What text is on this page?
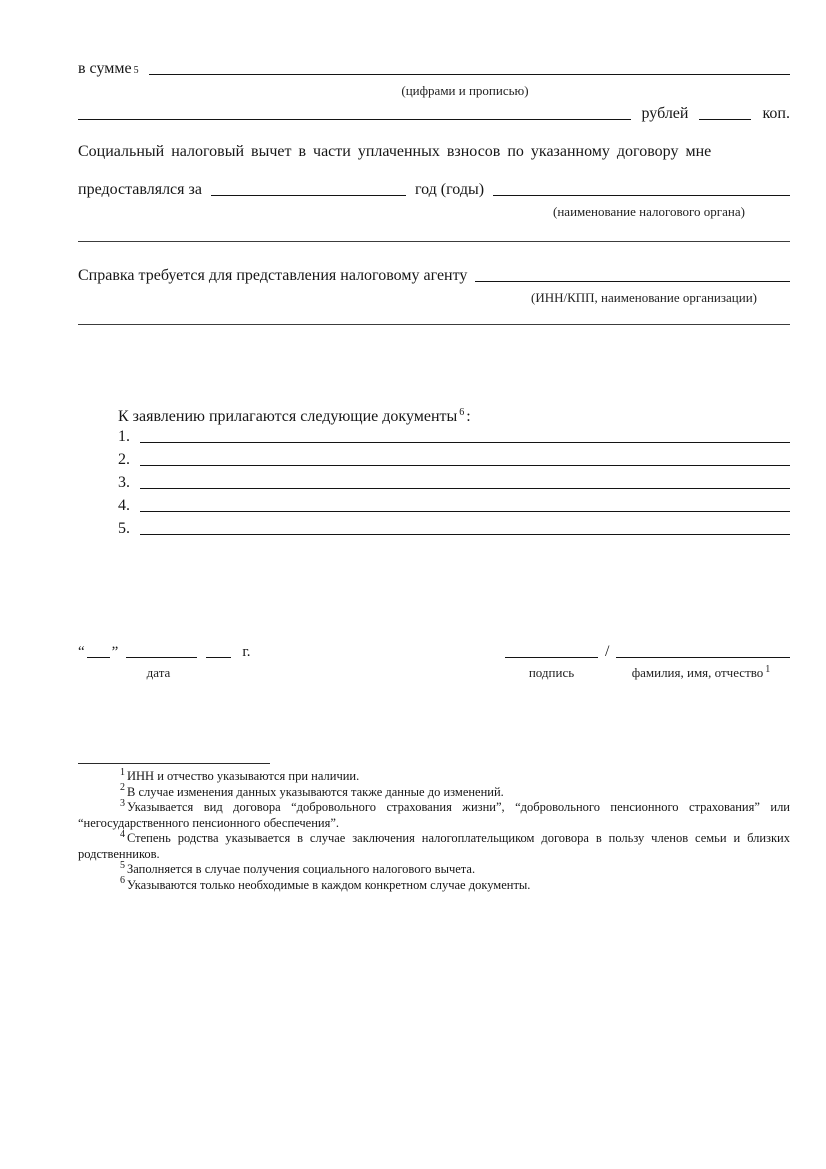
в сумме 5
(цифрами и прописью)
рублей	коп.

Социальный налоговый вычет в части уплаченных взносов по указанному договору мне

предоставлялся за	год (годы)
(наименование налогового органа)
Справка требуется для представления налоговому агенту
(ИНН/КПП, наименование организации)
К заявлению прилагаются следующие документы $^6$ :
1.
2.
3.
4.
5.
“ ”	г.
дата
/
подпись	фамилия, имя, отчество $^1$

$^1$ ИНН и отчество указываются при наличии.

$^2$ В случае изменения данных указываются также данные до изменений.

$^3$ Указывается вид договора “добровольного страхования жизни”, “добровольного пенсионного страхования” или “негосударственного пенсионного обеспечения”.

$^4$ Степень родства указывается в случае заключения налогоплательщиком договора в пользу членов семьи и близких родственников.

$^5$ Заполняется в случае получения социального налогового вычета.

$^6$ Указываются только необходимые в каждом конкретном случае документы.
